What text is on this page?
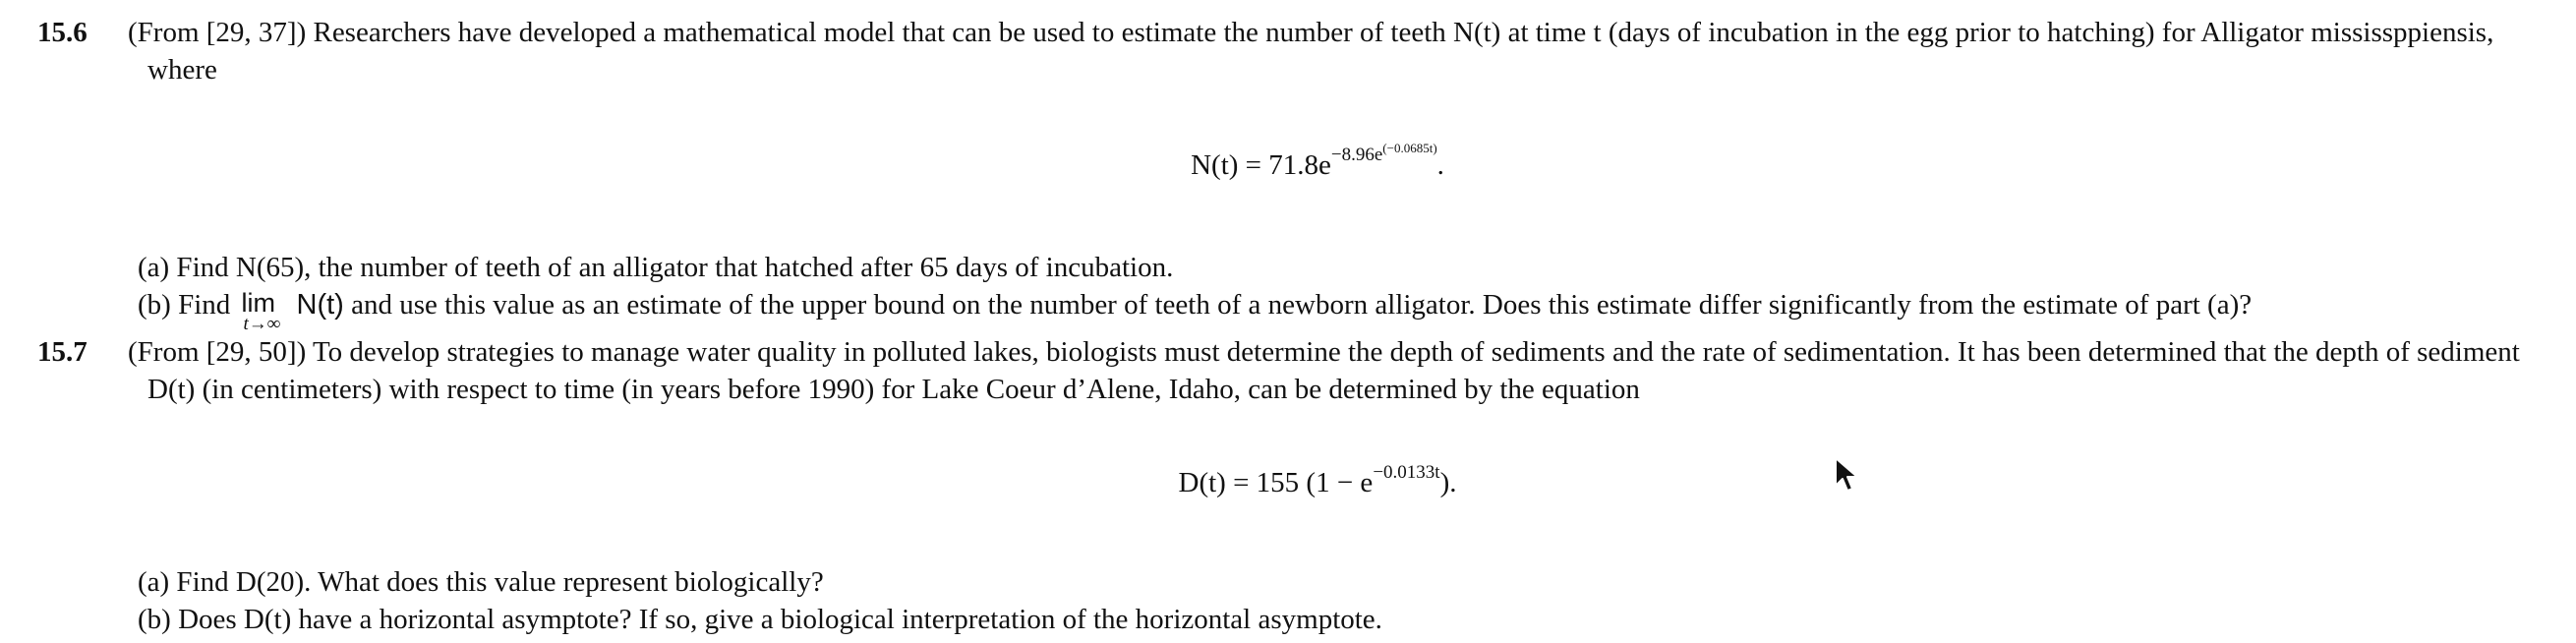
15.6 (From [29, 37]) Researchers have developed a mathematical model that can be used to estimate the number of teeth N(t) at time t (days of incubation in the egg prior to hatching) for Alligator mississppiensis, where
$N(t) = 71.8e^{-8.96e^{(-0.0685t)}}$.
(a) Find N(65), the number of teeth of an alligator that hatched after 65 days of incubation.
(b) Find lim
t→∞
N(t) and use this value as an estimate of the upper bound on the number of teeth of a newborn alligator. Does this estimate differ significantly from the estimate of part (a)?
15.7 (From [29, 50]) To develop strategies to manage water quality in polluted lakes, biologists must determine the depth of sediments and the rate of sedimentation. It has been determined that the depth of sediment D(t) (in centimeters) with respect to time (in years before 1990) for Lake Coeur d’Alene, Idaho, can be determined by the equation
D(t) = 155 $(1 - e^{-0.0133t})$.
(a) Find D(20). What does this value represent biologically?
(b) Does D(t) have a horizontal asymptote? If so, give a biological interpretation of the horizontal asymptote.
